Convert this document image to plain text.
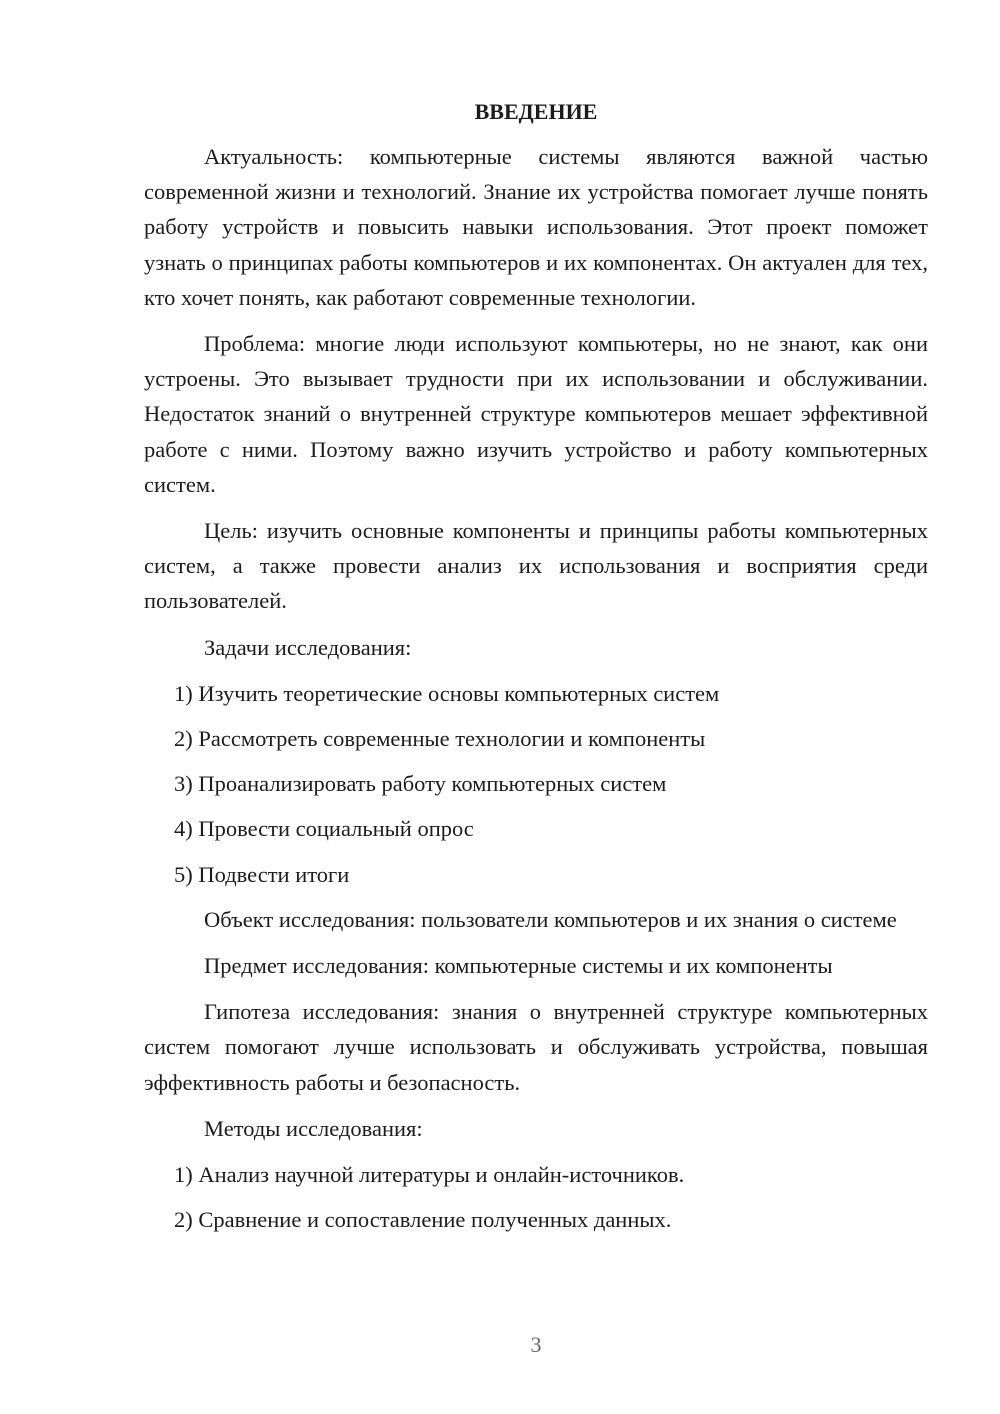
ВВЕДЕНИЕ

Актуальность: компьютерные системы являются важной частью современной жизни и технологий. Знание их устройства помогает лучше понять работу устройств и повысить навыки использования. Этот проект поможет узнать о принципах работы компьютеров и их компонентах. Он актуален для тех, кто хочет понять, как работают современные технологии.

Проблема: многие люди используют компьютеры, но не знают, как они устроены. Это вызывает трудности при их использовании и обслуживании. Недостаток знаний о внутренней структуре компьютеров мешает эффективной работе с ними. Поэтому важно изучить устройство и работу компьютерных систем.

Цель: изучить основные компоненты и принципы работы компьютерных систем, а также провести анализ их использования и восприятия среди пользователей.

Задачи исследования:

1) Изучить теоретические основы компьютерных систем
2) Рассмотреть современные технологии и компоненты
3) Проанализировать работу компьютерных систем
4) Провести социальный опрос
5) Подвести итоги

Объект исследования: пользователи компьютеров и их знания о системе

Предмет исследования: компьютерные системы и их компоненты

Гипотеза исследования: знания о внутренней структуре компьютерных систем помогают лучше использовать и обслуживать устройства, повышая эффективность работы и безопасность.

Методы исследования:

1) Анализ научной литературы и онлайн-источников.
2) Сравнение и сопоставление полученных данных.
3
